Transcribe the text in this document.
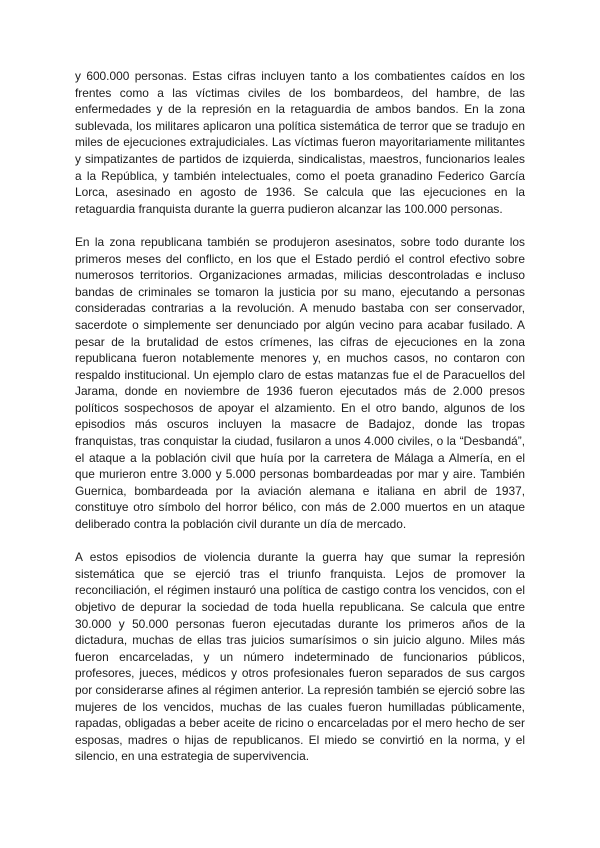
y 600.000 personas. Estas cifras incluyen tanto a los combatientes caídos en los frentes como a las víctimas civiles de los bombardeos, del hambre, de las enfermedades y de la represión en la retaguardia de ambos bandos. En la zona sublevada, los militares aplicaron una política sistemática de terror que se tradujo en miles de ejecuciones extrajudiciales. Las víctimas fueron mayoritariamente militantes y simpatizantes de partidos de izquierda, sindicalistas, maestros, funcionarios leales a la República, y también intelectuales, como el poeta granadino Federico García Lorca, asesinado en agosto de 1936. Se calcula que las ejecuciones en la retaguardia franquista durante la guerra pudieron alcanzar las 100.000 personas.

En la zona republicana también se produjeron asesinatos, sobre todo durante los primeros meses del conflicto, en los que el Estado perdió el control efectivo sobre numerosos territorios. Organizaciones armadas, milicias descontroladas e incluso bandas de criminales se tomaron la justicia por su mano, ejecutando a personas consideradas contrarias a la revolución. A menudo bastaba con ser conservador, sacerdote o simplemente ser denunciado por algún vecino para acabar fusilado. A pesar de la brutalidad de estos crímenes, las cifras de ejecuciones en la zona republicana fueron notablemente menores y, en muchos casos, no contaron con respaldo institucional. Un ejemplo claro de estas matanzas fue el de Paracuellos del Jarama, donde en noviembre de 1936 fueron ejecutados más de 2.000 presos políticos sospechosos de apoyar el alzamiento. En el otro bando, algunos de los episodios más oscuros incluyen la masacre de Badajoz, donde las tropas franquistas, tras conquistar la ciudad, fusilaron a unos 4.000 civiles, o la “Desbandá”, el ataque a la población civil que huía por la carretera de Málaga a Almería, en el que murieron entre 3.000 y 5.000 personas bombardeadas por mar y aire. También Guernica, bombardeada por la aviación alemana e italiana en abril de 1937, constituye otro símbolo del horror bélico, con más de 2.000 muertos en un ataque deliberado contra la población civil durante un día de mercado.

A estos episodios de violencia durante la guerra hay que sumar la represión sistemática que se ejerció tras el triunfo franquista. Lejos de promover la reconciliación, el régimen instauró una política de castigo contra los vencidos, con el objetivo de depurar la sociedad de toda huella republicana. Se calcula que entre 30.000 y 50.000 personas fueron ejecutadas durante los primeros años de la dictadura, muchas de ellas tras juicios sumarísimos o sin juicio alguno. Miles más fueron encarceladas, y un número indeterminado de funcionarios públicos, profesores, jueces, médicos y otros profesionales fueron separados de sus cargos por considerarse afines al régimen anterior. La represión también se ejerció sobre las mujeres de los vencidos, muchas de las cuales fueron humilladas públicamente, rapadas, obligadas a beber aceite de ricino o encarceladas por el mero hecho de ser esposas, madres o hijas de republicanos. El miedo se convirtió en la norma, y el silencio, en una estrategia de supervivencia.
